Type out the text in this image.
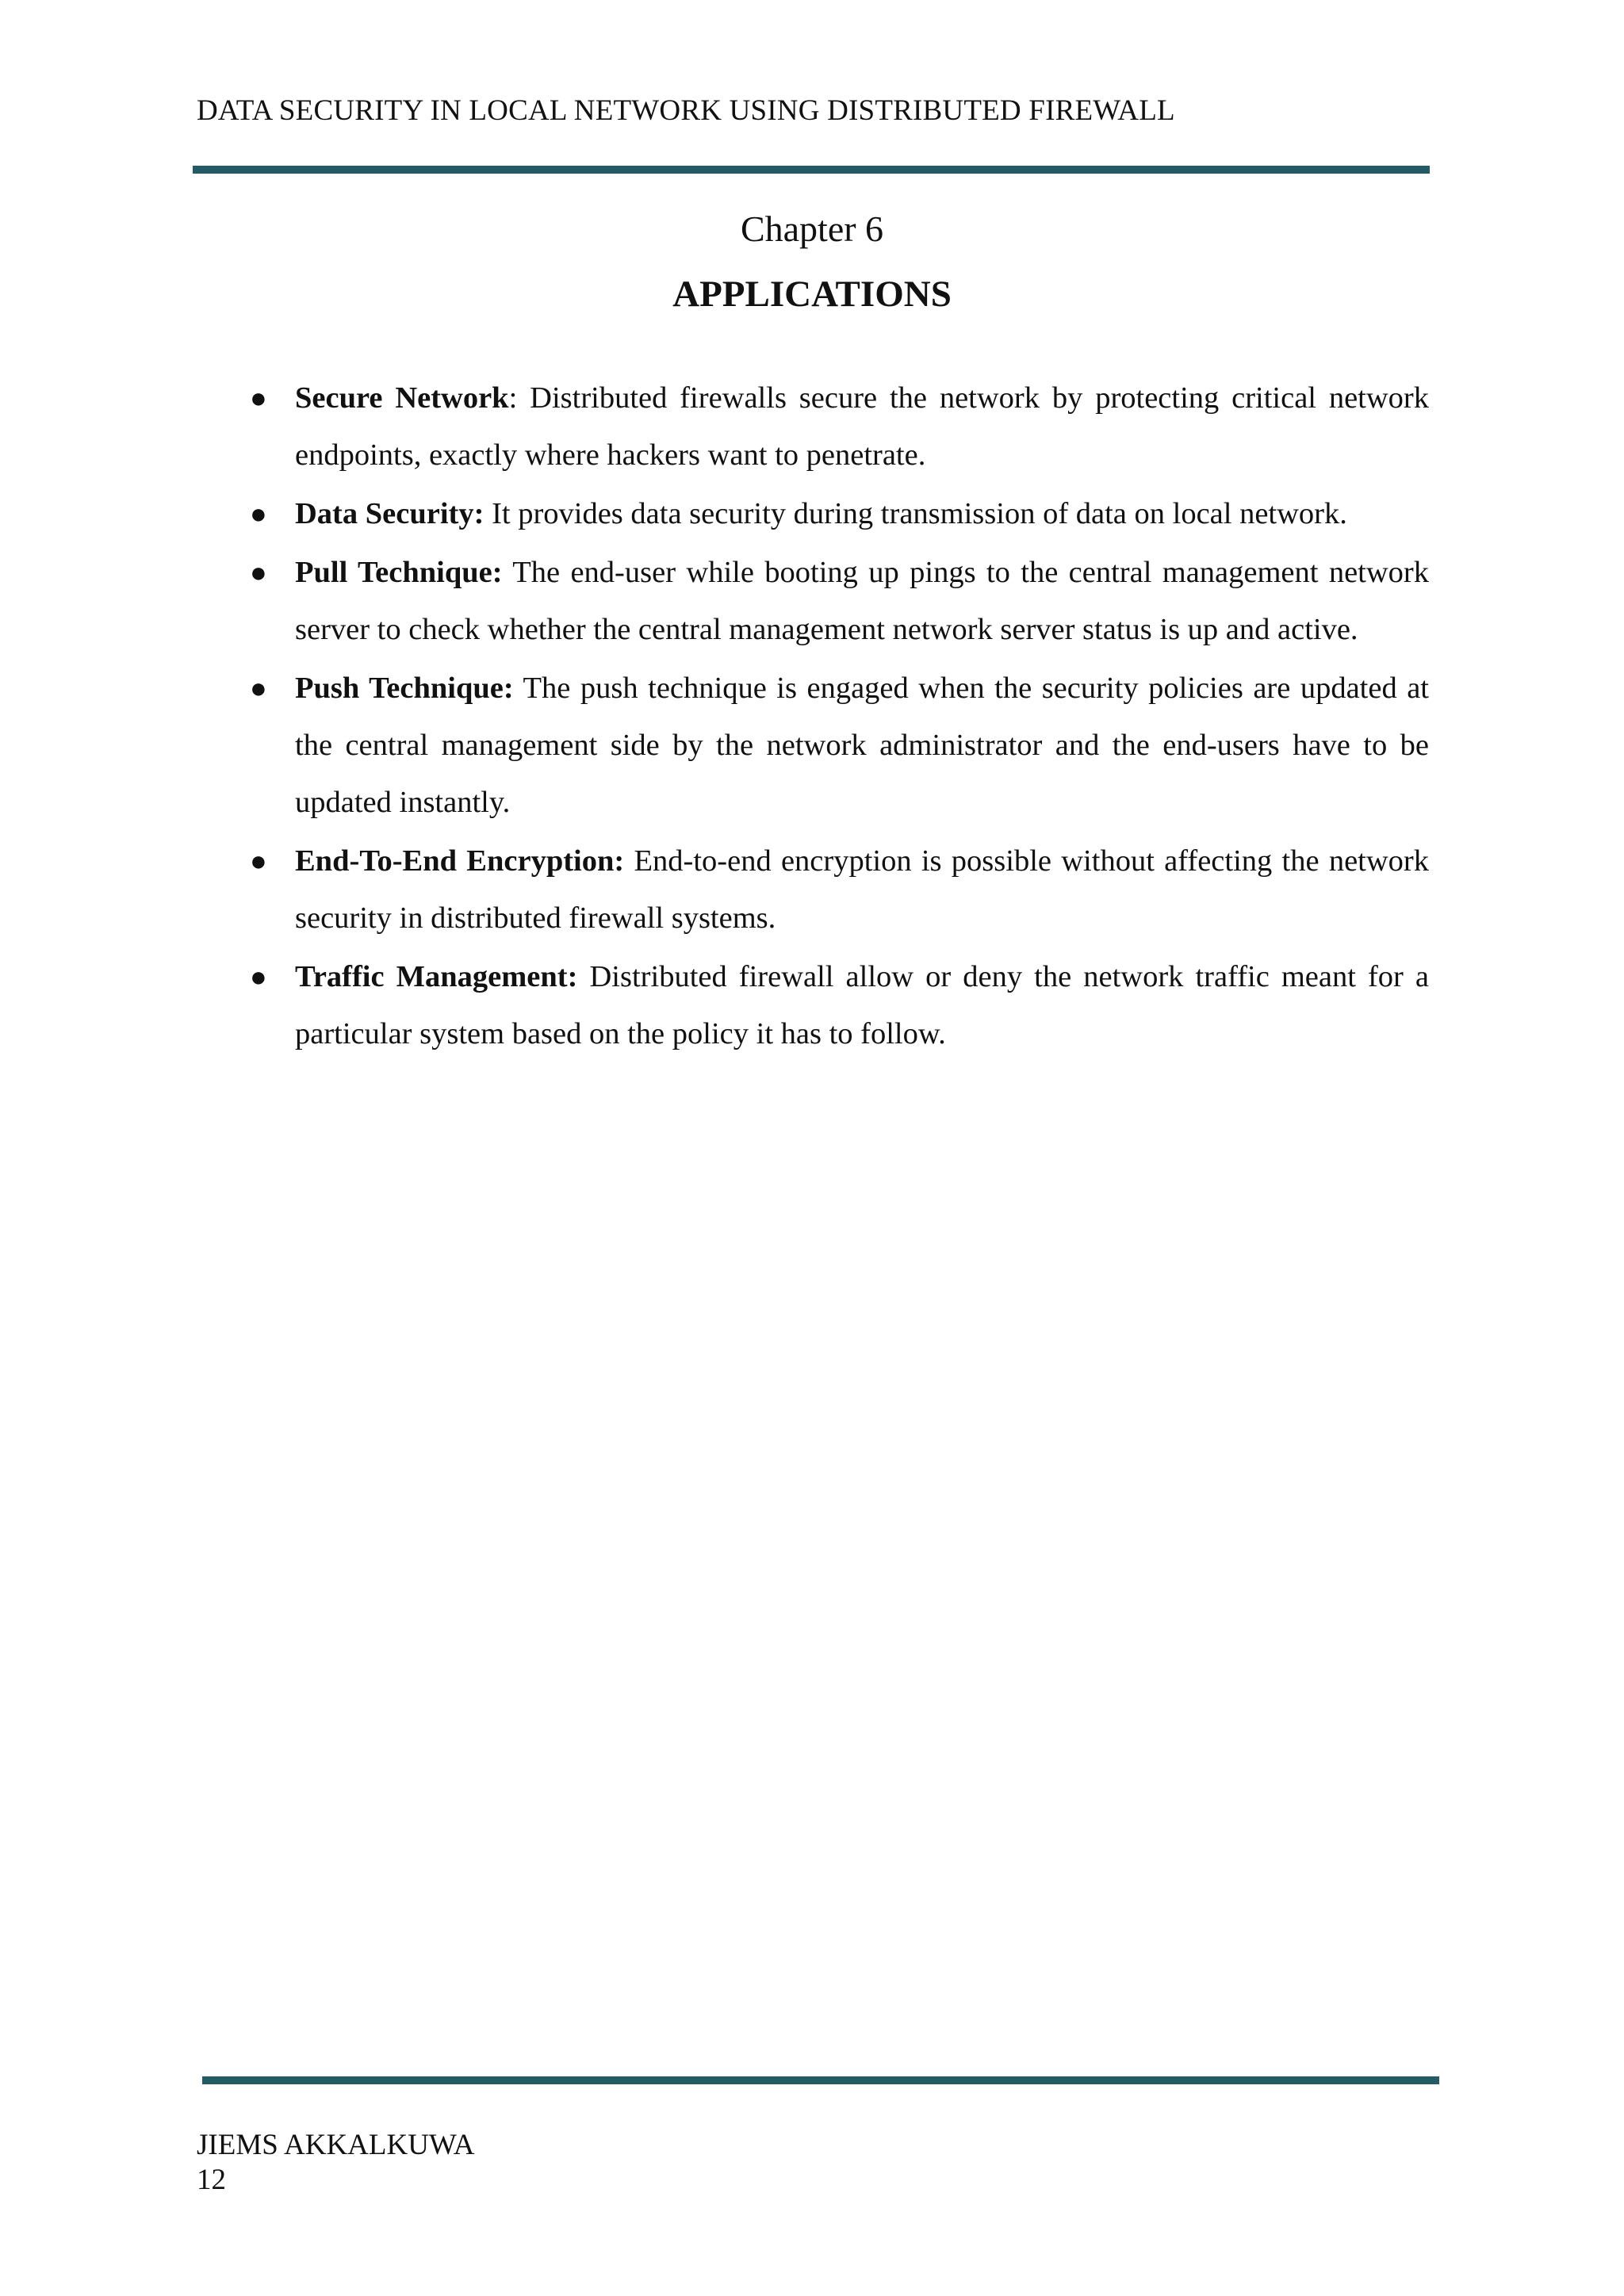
DATA SECURITY IN LOCAL NETWORK USING DISTRIBUTED FIREWALL
Chapter 6
APPLICATIONS
● Secure Network: Distributed firewalls secure the network by protecting critical network endpoints, exactly where hackers want to penetrate.
● Data Security: It provides data security during transmission of data on local network.
● Pull Technique: The end-user while booting up pings to the central management network server to check whether the central management network server status is up and active.
● Push Technique: The push technique is engaged when the security policies are updated at the central management side by the network administrator and the end-users have to be updated instantly.
● End-To-End Encryption: End-to-end encryption is possible without affecting the network security in distributed firewall systems.
● Traffic Management: Distributed firewall allow or deny the network traffic meant for a particular system based on the policy it has to follow.
JIEMS AKKALKUWA
12
